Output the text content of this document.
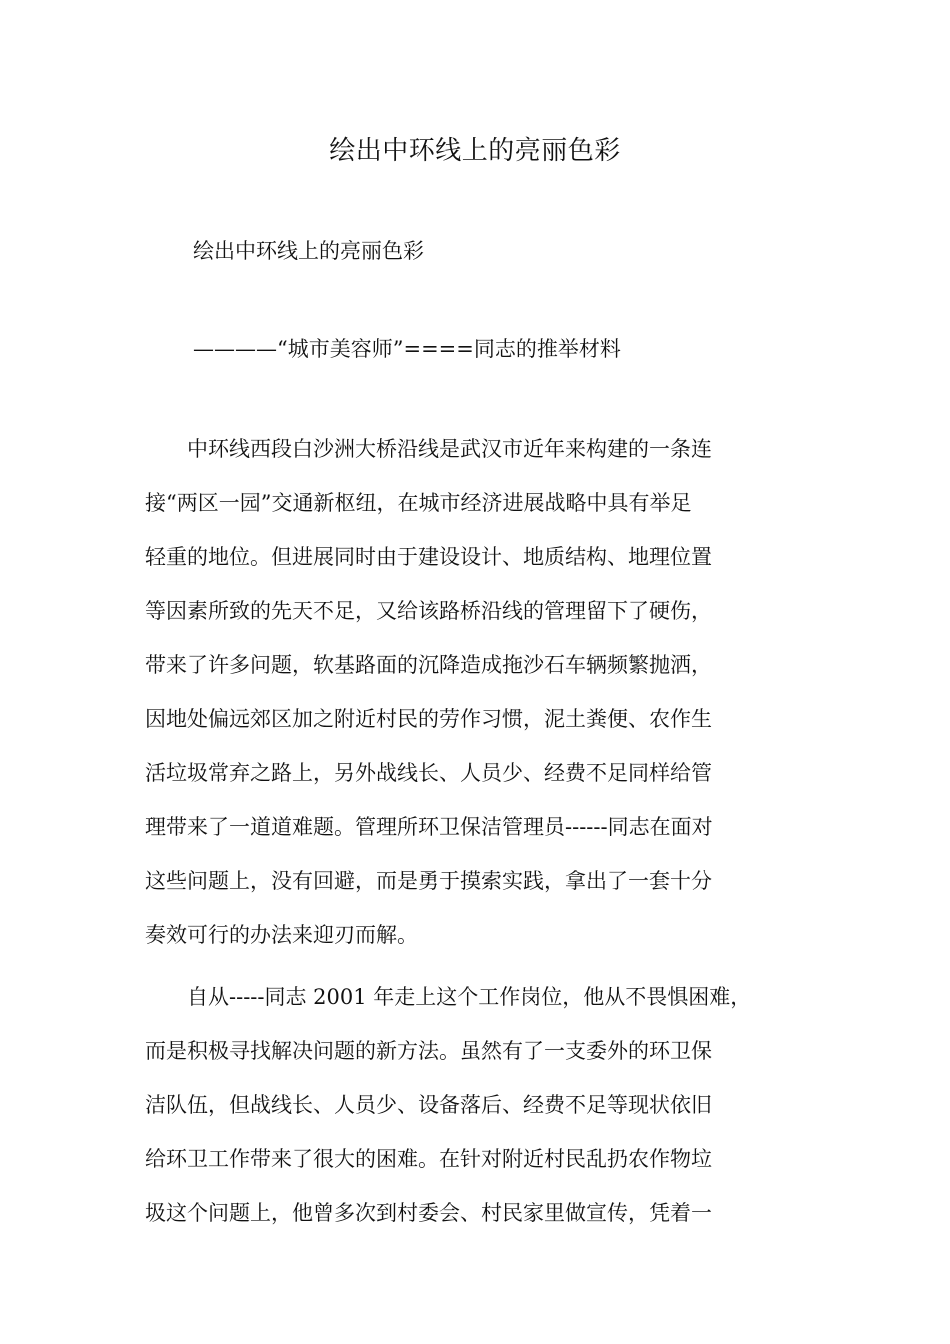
绘出中环线上的亮丽色彩

绘出中环线上的亮丽色彩

————“城市美容师”====同志的推举材料

　　中环线西段白沙洲大桥沿线是武汉市近年来构建的一条连
接“两区一园”交通新枢纽，在城市经济进展战略中具有举足
轻重的地位。但进展同时由于建设设计、地质结构、地理位置
等因素所致的先天不足，又给该路桥沿线的管理留下了硬伤，
带来了许多问题，软基路面的沉降造成拖沙石车辆频繁抛洒，
因地处偏远郊区加之附近村民的劳作习惯，泥土粪便、农作生
活垃圾常弃之路上，另外战线长、人员少、经费不足同样给管
理带来了一道道难题。管理所环卫保洁管理员------同志在面对
这些问题上，没有回避，而是勇于摸索实践，拿出了一套十分
奏效可行的办法来迎刃而解。
　　自从-----同志 2001 年走上这个工作岗位，他从不畏惧困难，
而是积极寻找解决问题的新方法。虽然有了一支委外的环卫保
洁队伍，但战线长、人员少、设备落后、经费不足等现状依旧
给环卫工作带来了很大的困难。在针对附近村民乱扔农作物垃
圾这个问题上，他曾多次到村委会、村民家里做宣传，凭着一
